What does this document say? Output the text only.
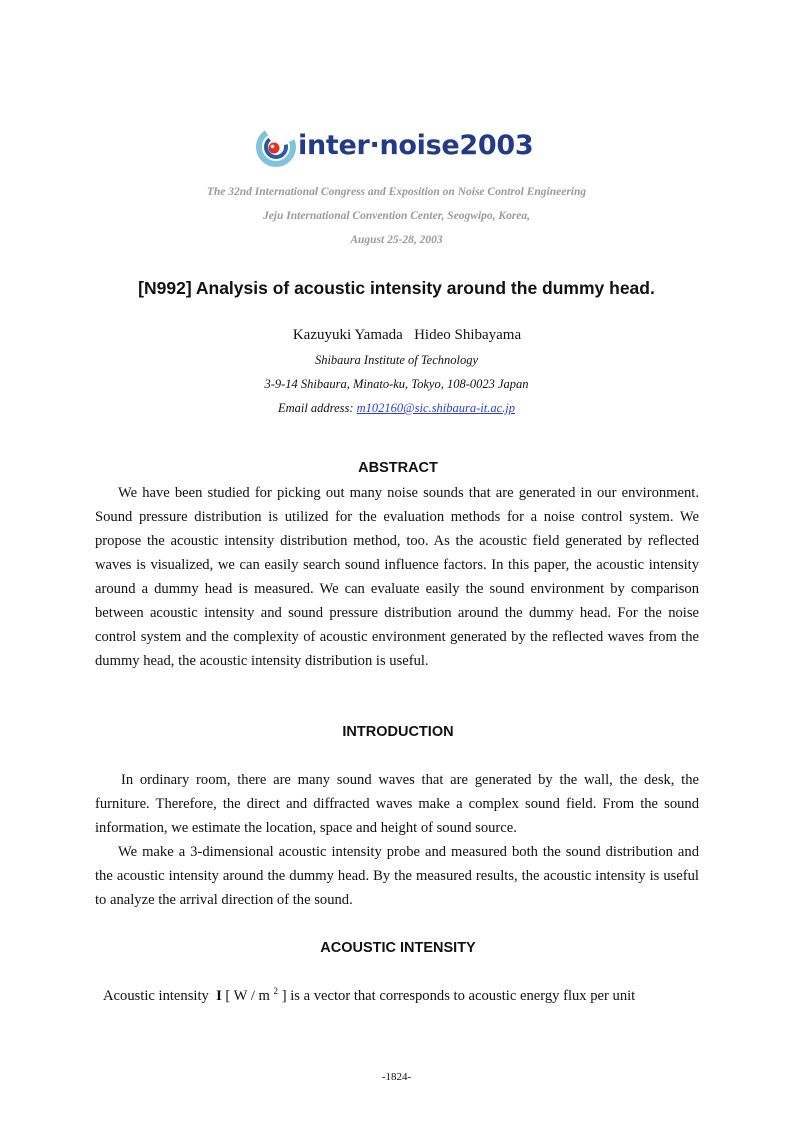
inter·noise2003
The 32nd International Congress and Exposition on Noise Control Engineering
Jeju International Convention Center, Seogwipo, Korea,
August 25-28, 2003
[N992] Analysis of acoustic intensity around the dummy head.
Kazuyuki Yamada   Hideo Shibayama
Shibaura Institute of Technology
3-9-14 Shibaura, Minato-ku, Tokyo, 108-0023 Japan
Email address: m102160@sic.shibaura-it.ac.jp
ABSTRACT

We have been studied for picking out many noise sounds that are generated in our environment. Sound pressure distribution is utilized for the evaluation methods for a noise control system. We propose the acoustic intensity distribution method, too. As the acoustic field generated by reflected waves is visualized, we can easily search sound influence factors. In this paper, the acoustic intensity around a dummy head is measured. We can evaluate easily the sound environment by comparison between acoustic intensity and sound pressure distribution around the dummy head. For the noise control system and the complexity of acoustic environment generated by the reflected waves from the dummy head, the acoustic intensity distribution is useful.

INTRODUCTION

In ordinary room, there are many sound waves that are generated by the wall, the desk, the furniture. Therefore, the direct and diffracted waves make a complex sound field. From the sound information, we estimate the location, space and height of sound source.

We make a 3-dimensional acoustic intensity probe and measured both the sound distribution and   the acoustic intensity around the dummy head. By the measured results, the acoustic intensity is useful to analyze the arrival direction of the sound.

ACOUSTIC INTENSITY
Acoustic intensity  I [ W / m $^2$ ] is a vector that corresponds to acoustic energy flux per unit
-1824-
